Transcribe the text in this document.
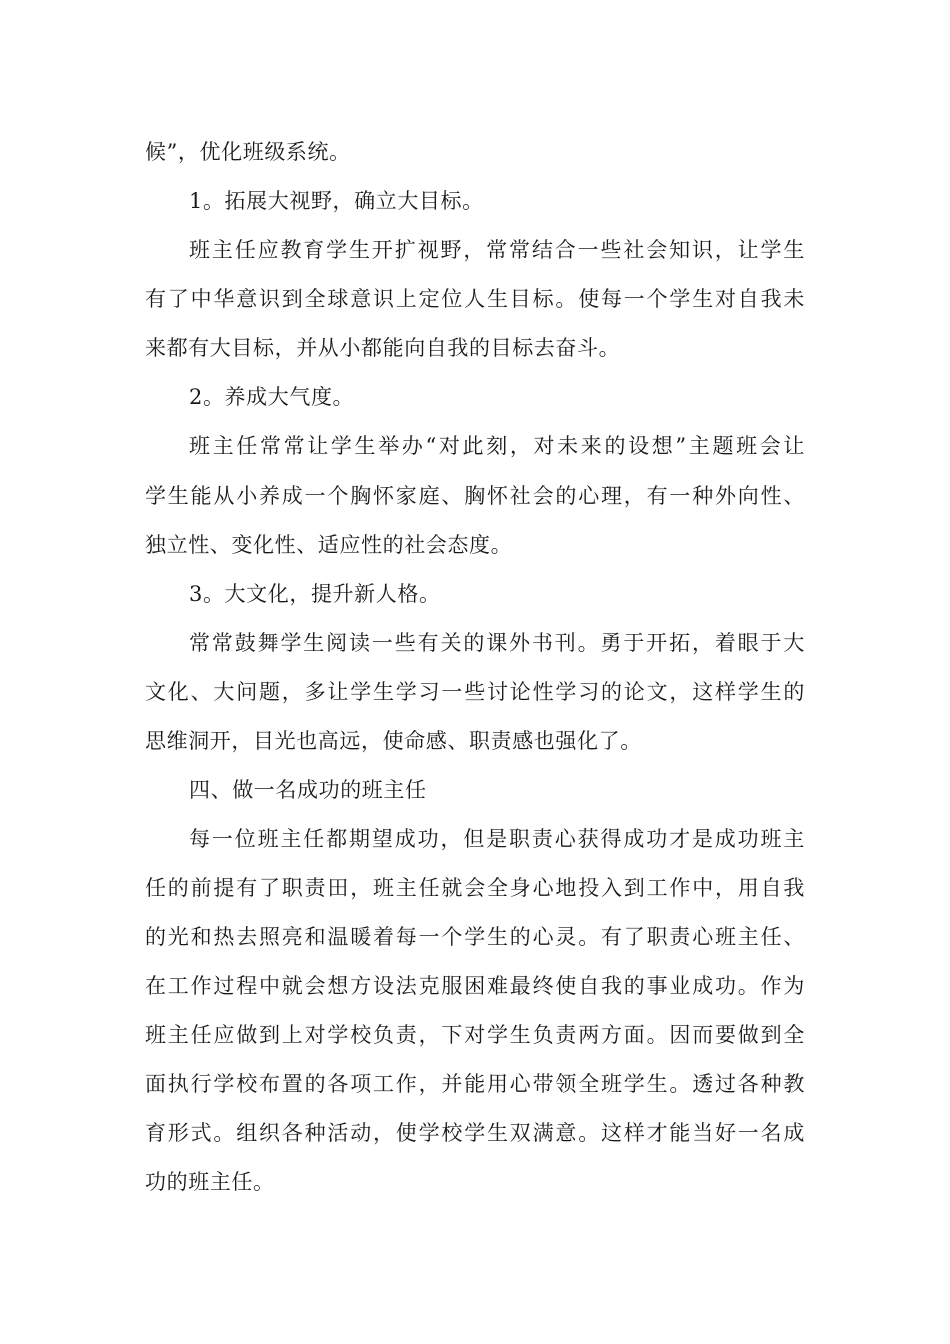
候”，优化班级系统。
1。拓展大视野，确立大目标。
班主任应教育学生开扩视野，常常结合一些社会知识，让学生
有了中华意识到全球意识上定位人生目标。使每一个学生对自我未
来都有大目标，并从小都能向自我的目标去奋斗。
2。养成大气度。
班主任常常让学生举办“对此刻，对未来的设想”主题班会让
学生能从小养成一个胸怀家庭、胸怀社会的心理，有一种外向性、
独立性、变化性、适应性的社会态度。
3。大文化，提升新人格。
常常鼓舞学生阅读一些有关的课外书刊。勇于开拓，着眼于大
文化、大问题，多让学生学习一些讨论性学习的论文，这样学生的
思维洞开，目光也高远，使命感、职责感也强化了。
四、做一名成功的班主任
每一位班主任都期望成功，但是职责心获得成功才是成功班主
任的前提有了职责田，班主任就会全身心地投入到工作中，用自我
的光和热去照亮和温暖着每一个学生的心灵。有了职责心班主任、
在工作过程中就会想方设法克服困难最终使自我的事业成功。作为
班主任应做到上对学校负责，下对学生负责两方面。因而要做到全
面执行学校布置的各项工作，并能用心带领全班学生。透过各种教
育形式。组织各种活动，使学校学生双满意。这样才能当好一名成
功的班主任。
